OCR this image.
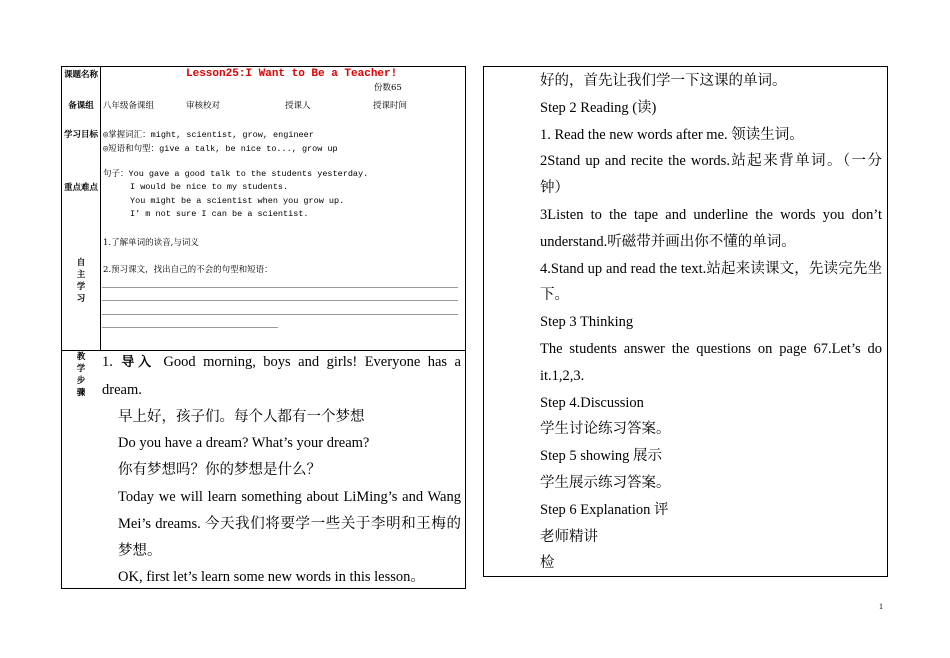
课题名称	Lesson25:I Want to Be a Teacher!
份数65
备课组	八年级备课组	审核校对	授课人	授课时间
学习目标 ◎掌握词汇：might, scientist, grow, engineer
◎短语和句型：give a talk, be nice to..., grow up
重点难点
句子：You gave a good talk to the students yesterday.
I would be nice to my students.
You might be a scientist when you grow up.
I’ m not sure I can be a scientist.
自主学习
1.了解单词的读音,与词义
2.预习课文，找出自己的不会的句型和短语：
教学步骤

1. 导入 Good morning, boys and girls! Everyone has a dream.

早上好，孩子们。每个人都有一个梦想

Do you have a dream? What’s your dream?

你有梦想吗？你的梦想是什么？

Today we will learn something about LiMing’s and Wang Mei’s dreams. 今天我们将要学一些关于李明和王梅的梦想。

OK, first let’s learn some new words in this lesson。

好的，首先让我们学一下这课的单词。

Step 2 Reading (读)

1. Read the new words after me. 领读生词。

2Stand up and recite the words.站起来背单词。（一分钟）

3Listen to the tape and underline the words you don’t understand.听磁带并画出你不懂的单词。

4.Stand up and read the text.站起来读课文，先读完先坐下。

Step 3 Thinking

The students answer the questions on page 67.Let’s do it.1,2,3.

Step 4.Discussion

学生讨论练习答案。

Step 5 showing 展示

学生展示练习答案。

Step 6 Explanation 评

老师精讲

检

1
